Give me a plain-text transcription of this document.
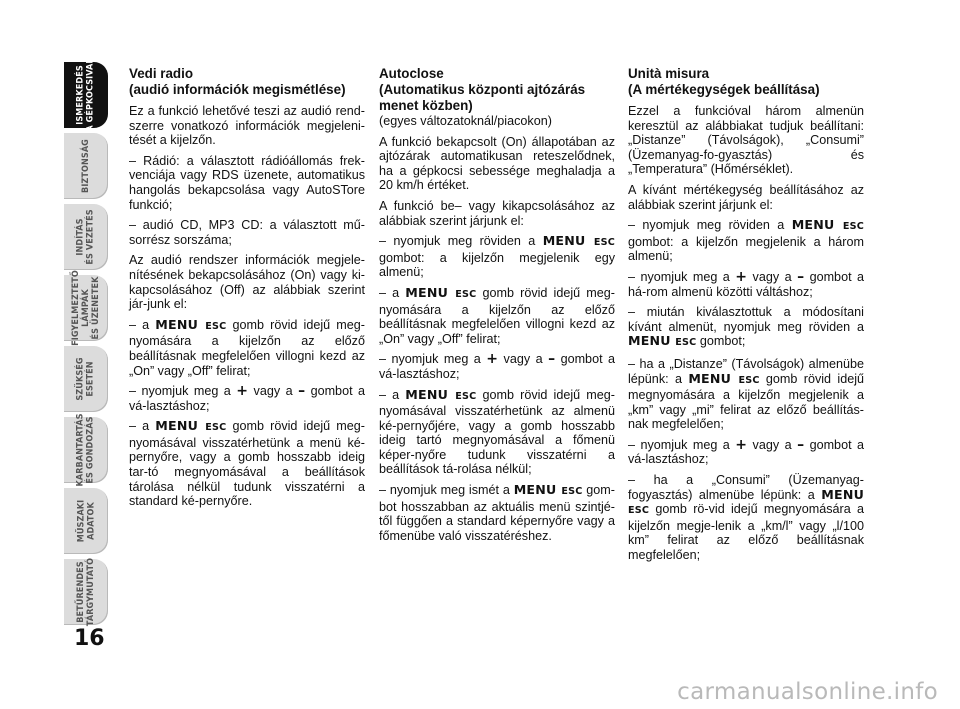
ISMERKEDÉS
A GÉPKOCSIVAL
BIZTONSÁG
INDÍTÁS
ÉS VEZETÉS
FIGYELMEZTETŐ
LÁMPÁK
ÉS ÜZENETEK
SZÜKSÉG
ESETÉN
KARBANTARTÁS
ÉS GONDOZÁS
MŰSZAKI
ADATOK
BETŰRENDES
TÁRGYMUTATÓ
16
Vedi radio
(audió információk megismétlése)

Ez a funkció lehetővé teszi az audió rend-szerre vonatkozó információk megjeleni-tését a kijelzőn.

– Rádió: a választott rádióállomás frek-venciája vagy RDS üzenete, automatikus hangolás bekapcsolása vagy AutoSTore funkció;

– audió CD, MP3 CD: a választott mű-sorrész sorszáma;

Az audió rendszer információk megjele-nítésének bekapcsolásához (On) vagy ki-kapcsolásához (Off) az alábbiak szerint jár-junk el:

– a MENU ESC gomb rövid idejű meg-nyomására a kijelzőn az előző beállításnak megfelelően villogni kezd az „On” vagy „Off” felirat;

– nyomjuk meg a + vagy a – gombot a vá-lasztáshoz;

– a MENU ESC gomb rövid idejű meg-nyomásával visszatérhetünk a menü ké-pernyőre, vagy a gomb hosszabb ideig tar-tó megnyomásával a beállítások tárolása nélkül tudunk visszatérni a standard ké-pernyőre.

Autoclose
(Automatikus központi ajtózárás menet közben)
(egyes változatoknál/piacokon)

A funkció bekapcsolt (On) állapotában az ajtózárak automatikusan reteszelődnek, ha a gépkocsi sebessége meghaladja a 20 km/h értéket.

A funkció be– vagy kikapcsolásához az alábbiak szerint járjunk el:

– nyomjuk meg röviden a MENU ESC gombot: a kijelzőn megjelenik egy almenü;

– a MENU ESC gomb rövid idejű meg-nyomására a kijelzőn az előző beállításnak megfelelően villogni kezd az „On” vagy „Off” felirat;

– nyomjuk meg a + vagy a – gombot a vá-lasztáshoz;

– a MENU ESC gomb rövid idejű meg-nyomásával visszatérhetünk az almenü ké-pernyőjére, vagy a gomb hosszabb ideig tartó megnyomásával a főmenü képer-nyőre tudunk visszatérni a beállítások tá-rolása nélkül;

– nyomjuk meg ismét a MENU ESC gom-bot hosszabban az aktuális menü szintjé-től függően a standard képernyőre vagy a főmenübe való visszatéréshez.

Unità misura
(A mértékegységek beállítása)

Ezzel a funkcióval három almenün keresztül az alábbiakat tudjuk beállítani: „Distanze” (Távolságok), „Consumi” (Üzemanyag-fo-gyasztás) és „Temperatura” (Hőmérséklet).

A kívánt mértékegység beállításához az alábbiak szerint járjunk el:

– nyomjuk meg röviden a MENU ESC gombot: a kijelzőn megjelenik a három almenü;

– nyomjuk meg a + vagy a – gombot a há-rom almenü közötti váltáshoz;

– miután kiválasztottuk a módosítani kívánt almenüt, nyomjuk meg röviden a MENU ESC gombot;

– ha a „Distanze” (Távolságok) almenübe lépünk: a MENU ESC gomb rövid idejű megnyomására a kijelzőn megjelenik a „km” vagy „mi” felirat az előző beállítás-nak megfelelően;

– nyomjuk meg a + vagy a – gombot a vá-lasztáshoz;

– ha a „Consumi” (Üzemanyag-fogyasztás) almenübe lépünk: a MENU ESC gomb rö-vid idejű megnyomására a kijelzőn megje-lenik a „km/l” vagy „l/100 km” felirat az előző beállításnak megfelelően;

carmanualsonline.info
